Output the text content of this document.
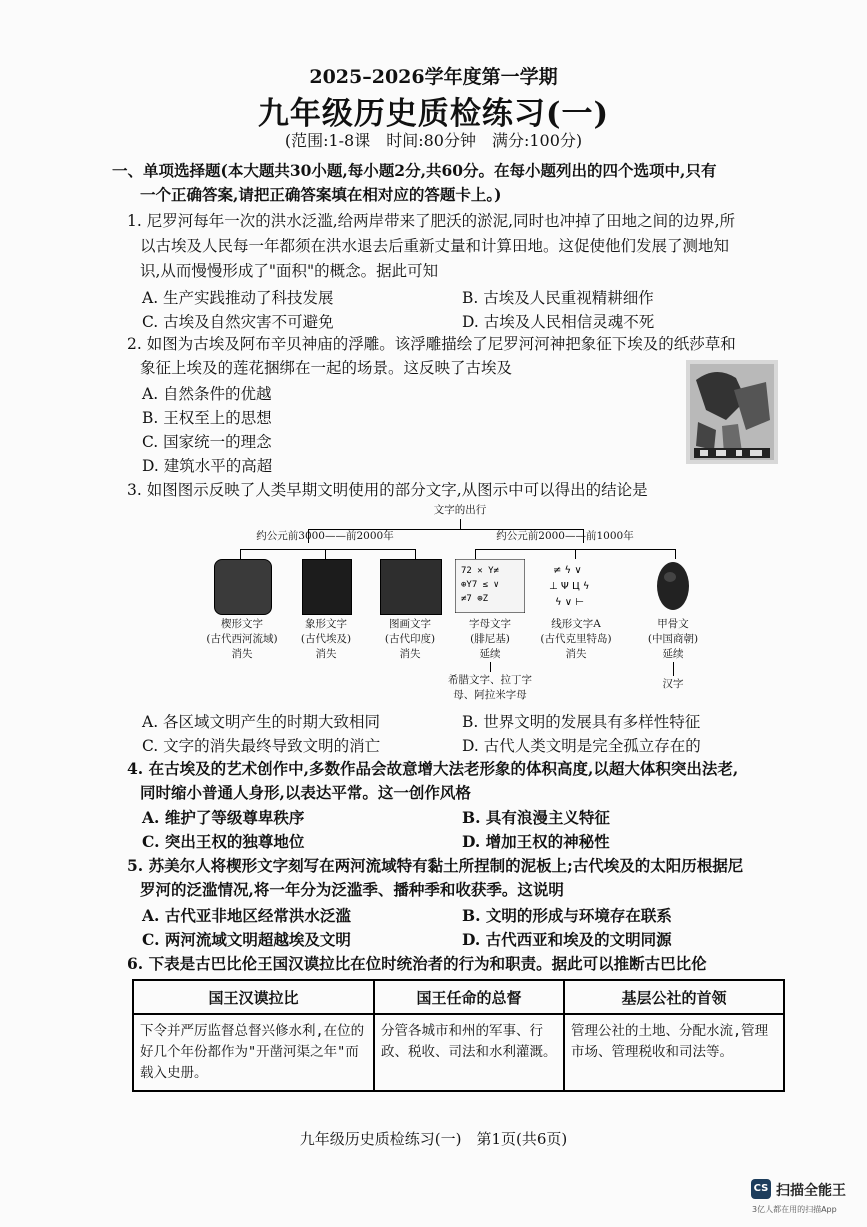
2025–2026学年度第一学期
九年级历史质检练习(一)
(范围:1-8课　时间:80分钟　满分:100分)
一、单项选择题(本大题共30小题,每小题2分,共60分。在每小题列出的四个选项中,只有
一个正确答案,请把正确答案填在相对应的答题卡上。)
1. 尼罗河每年一次的洪水泛滥,给两岸带来了肥沃的淤泥,同时也冲掉了田地之间的边界,所
以古埃及人民每一年都须在洪水退去后重新丈量和计算田地。这促使他们发展了测地知
识,从而慢慢形成了"面积"的概念。据此可知
A. 生产实践推动了科技发展	B. 古埃及人民重视精耕细作
C. 古埃及自然灾害不可避免	D. 古埃及人民相信灵魂不死
2. 如图为古埃及阿布辛贝神庙的浮雕。该浮雕描绘了尼罗河河神把象征下埃及的纸莎草和
象征上埃及的莲花捆绑在一起的场景。这反映了古埃及
A. 自然条件的优越
B. 王权至上的思想
C. 国家统一的理念
D. 建筑水平的高超
3. 如图图示反映了人类早期文明使用的部分文字,从图示中可以得出的结论是
文字的出行
约公元前3000——前2000年	约公元前2000——前1000年
72 ✕ Y≠
⊕Y7 ≤ ∨
≠7 ⊕Z
≠ ϟ ∨
⊥ Ψ Ц ϟ
ϟ ∨ ⊢
楔形文字
(古代西河流域)
消失
象形文字
(古代埃及)
消失
图画文字
(古代印度)
消失
字母文字
(腓尼基)
延续
希腊文字、拉丁字
母、阿拉米字母
线形文字A
(古代克里特岛)
消失
甲骨文
(中国商朝)
延续
汉字
A. 各区域文明产生的时期大致相同	B. 世界文明的发展具有多样性特征
C. 文字的消失最终导致文明的消亡	D. 古代人类文明是完全孤立存在的
4. 在古埃及的艺术创作中,多数作品会故意增大法老形象的体积高度,以超大体积突出法老,
同时缩小普通人身形,以表达平常。这一创作风格
A. 维护了等级尊卑秩序	B. 具有浪漫主义特征
C. 突出王权的独尊地位	D. 增加王权的神秘性
5. 苏美尔人将楔形文字刻写在两河流域特有黏土所捏制的泥板上;古代埃及的太阳历根据尼
罗河的泛滥情况,将一年分为泛滥季、播种季和收获季。这说明
A. 古代亚非地区经常洪水泛滥	B. 文明的形成与环境存在联系
C. 两河流域文明超越埃及文明	D. 古代西亚和埃及的文明同源
6. 下表是古巴比伦王国汉谟拉比在位时统治者的行为和职责。据此可以推断古巴比伦
国王汉谟拉比	国王任命的总督	基层公社的首领
下令并严厉监督总督兴修水利,在位的好几个年份都作为"开凿河渠之年"而载入史册。	分管各城市和州的军事、行政、税收、司法和水利灌溉。	管理公社的土地、分配水流,管理市场、管理税收和司法等。
九年级历史质检练习(一)　第1页(共6页)
CS 扫描全能王
3亿人都在用的扫描App
